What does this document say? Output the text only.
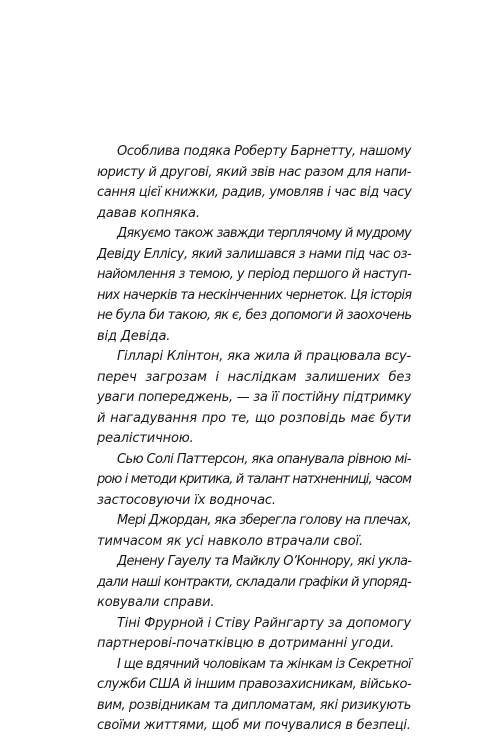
Особлива подяка Роберту Барнетту, нашому
юристу й другові, який звів нас разом для напи-
сання цієї книжки, радив, умовляв і час від часу
давав копняка.

Дякуємо також завжди терплячому й мудрому
Девіду Еллісу, який залишався з нами під час оз-
найомлення з темою, у період першого й наступ-
них начерків та нескінченних чернеток. Ця історія
не була би такою, як є, без допомоги й заохочень
від Девіда.

Гілларі Клінтон, яка жила й працювала всу-
переч загрозам і наслідкам залишених без
уваги попереджень, — за її постійну підтримку
й нагадування про те, що розповідь має бути
реалістичною.

Сью Солі Паттерсон, яка опанувала рівною мі-
рою і методи критика, й талант натхненниці, часом
застосовуючи їх водночас.

Мері Джордан, яка зберегла голову на плечах,
тимчасом як усі навколо втрачали свої.

Денену Гауелу та Майклу О’Коннору, які укла-
дали наші контракти, складали графіки й упоряд-
ковували справи.

Тіні Фрурной і Стіву Райнгарту за допомогу
партнерові-початківцю в дотриманні угоди.

І ще вдячний чоловікам та жінкам із Секретної
служби США й іншим правозахисникам, військо-
вим, розвідникам та дипломатам, які ризикують
своїми життями, щоб ми почувалися в безпеці.
